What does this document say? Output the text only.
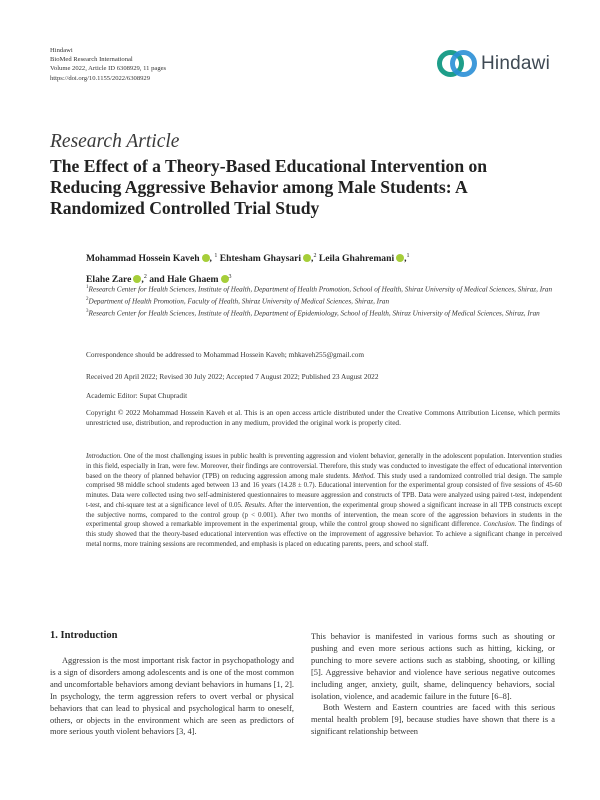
Hindawi
BioMed Research International
Volume 2022, Article ID 6308929, 11 pages
https://doi.org/10.1155/2022/6308929
Hindawi
Research Article
The Effect of a Theory-Based Educational Intervention on Reducing Aggressive Behavior among Male Students: A Randomized Controlled Trial Study
Mohammad Hossein Kaveh , $^1$ Ehtesham Ghaysari ,$^2$ Leila Ghahremani ,$^1$
Elahe Zare ,$^2$ and Hale Ghaem $^3$
$^1$Research Center for Health Sciences, Institute of Health, Department of Health Promotion, School of Health, Shiraz University of Medical Sciences, Shiraz, Iran
$^2$Department of Health Promotion, Faculty of Health, Shiraz University of Medical Sciences, Shiraz, Iran
$^3$Research Center for Health Sciences, Institute of Health, Department of Epidemiology, School of Health, Shiraz University of Medical Sciences, Shiraz, Iran
Correspondence should be addressed to Mohammad Hossein Kaveh; mhkaveh255@gmail.com
Received 20 April 2022; Revised 30 July 2022; Accepted 7 August 2022; Published 23 August 2022
Academic Editor: Supat Chupradit
Copyright © 2022 Mohammad Hossein Kaveh et al. This is an open access article distributed under the Creative Commons Attribution License, which permits unrestricted use, distribution, and reproduction in any medium, provided the original work is properly cited.
Introduction. One of the most challenging issues in public health is preventing aggression and violent behavior, generally in the adolescent population. Intervention studies in this field, especially in Iran, were few. Moreover, their findings are controversial. Therefore, this study was conducted to investigate the effect of educational intervention based on the theory of planned behavior (TPB) on reducing aggression among male students. Method. This study used a randomized controlled trial design. The sample comprised 98 middle school students aged between 13 and 16 years (14.28 ± 0.7). Educational intervention for the experimental group consisted of five sessions of 45-60 minutes. Data were collected using two self-administered questionnaires to measure aggression and constructs of TPB. Data were analyzed using paired t-test, independent t-test, and chi-square test at a significance level of 0.05. Results. After the intervention, the experimental group showed a significant increase in all TPB constructs except the subjective norms, compared to the control group (p < 0.001). After two months of intervention, the mean score of the aggression behaviors in students in the experimental group showed a remarkable improvement in the experimental group, while the control group showed no significant difference. Conclusion. The findings of this study showed that the theory-based educational intervention was effective on the improvement of aggressive behavior. To achieve a significant change in perceived metal norms, more training sessions are recommended, and emphasis is placed on educating parents, peers, and school staff.
1. Introduction

Aggression is the most important risk factor in psychopathology and is a sign of disorders among adolescents and is one of the most common and uncomfortable behaviors among deviant behaviors in humans [1, 2]. In psychology, the term aggression refers to overt verbal or physical behaviors that can lead to physical and psychological harm to oneself, others, or objects in the environment which are seen as predictors of more serious youth violent behaviors [3, 4].

This behavior is manifested in various forms such as shouting or pushing and even more serious actions such as hitting, kicking, or punching to more severe actions such as stabbing, shooting, or killing [5]. Aggressive behavior and violence have serious negative outcomes including anger, anxiety, guilt, shame, delinquency behaviors, social isolation, violence, and academic failure in the future [6–8].

Both Western and Eastern countries are faced with this serious mental health problem [9], because studies have shown that there is a significant relationship between
